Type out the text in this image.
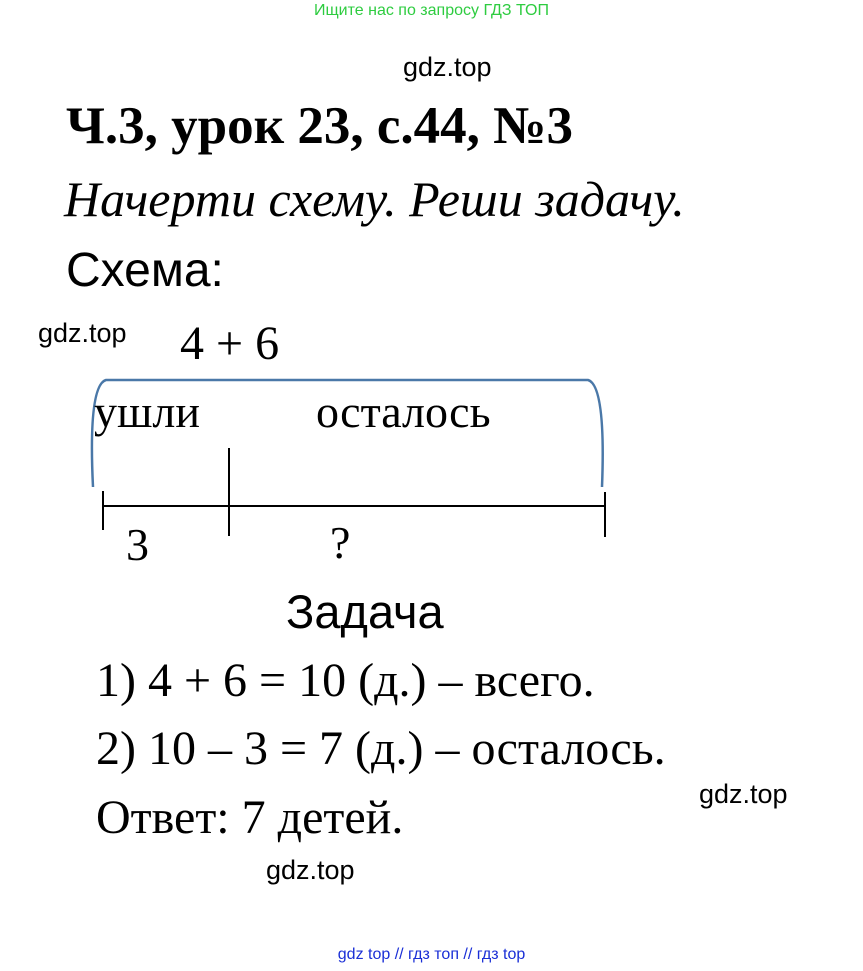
Ищите нас по запросу ГДЗ ТОП
gdz.top
gdz.top
gdz.top
gdz.top
Ч.3, урок 23, с.44, №3
Начерти схему. Реши задачу.
Схема:
4 + 6
ушли	осталось
3	?
Задача
1) 4 + 6 = 10 (д.) – всего.
2) 10 – 3 = 7 (д.) – осталось.
Ответ: 7 детей.
gdz top // гдз топ // гдз top
